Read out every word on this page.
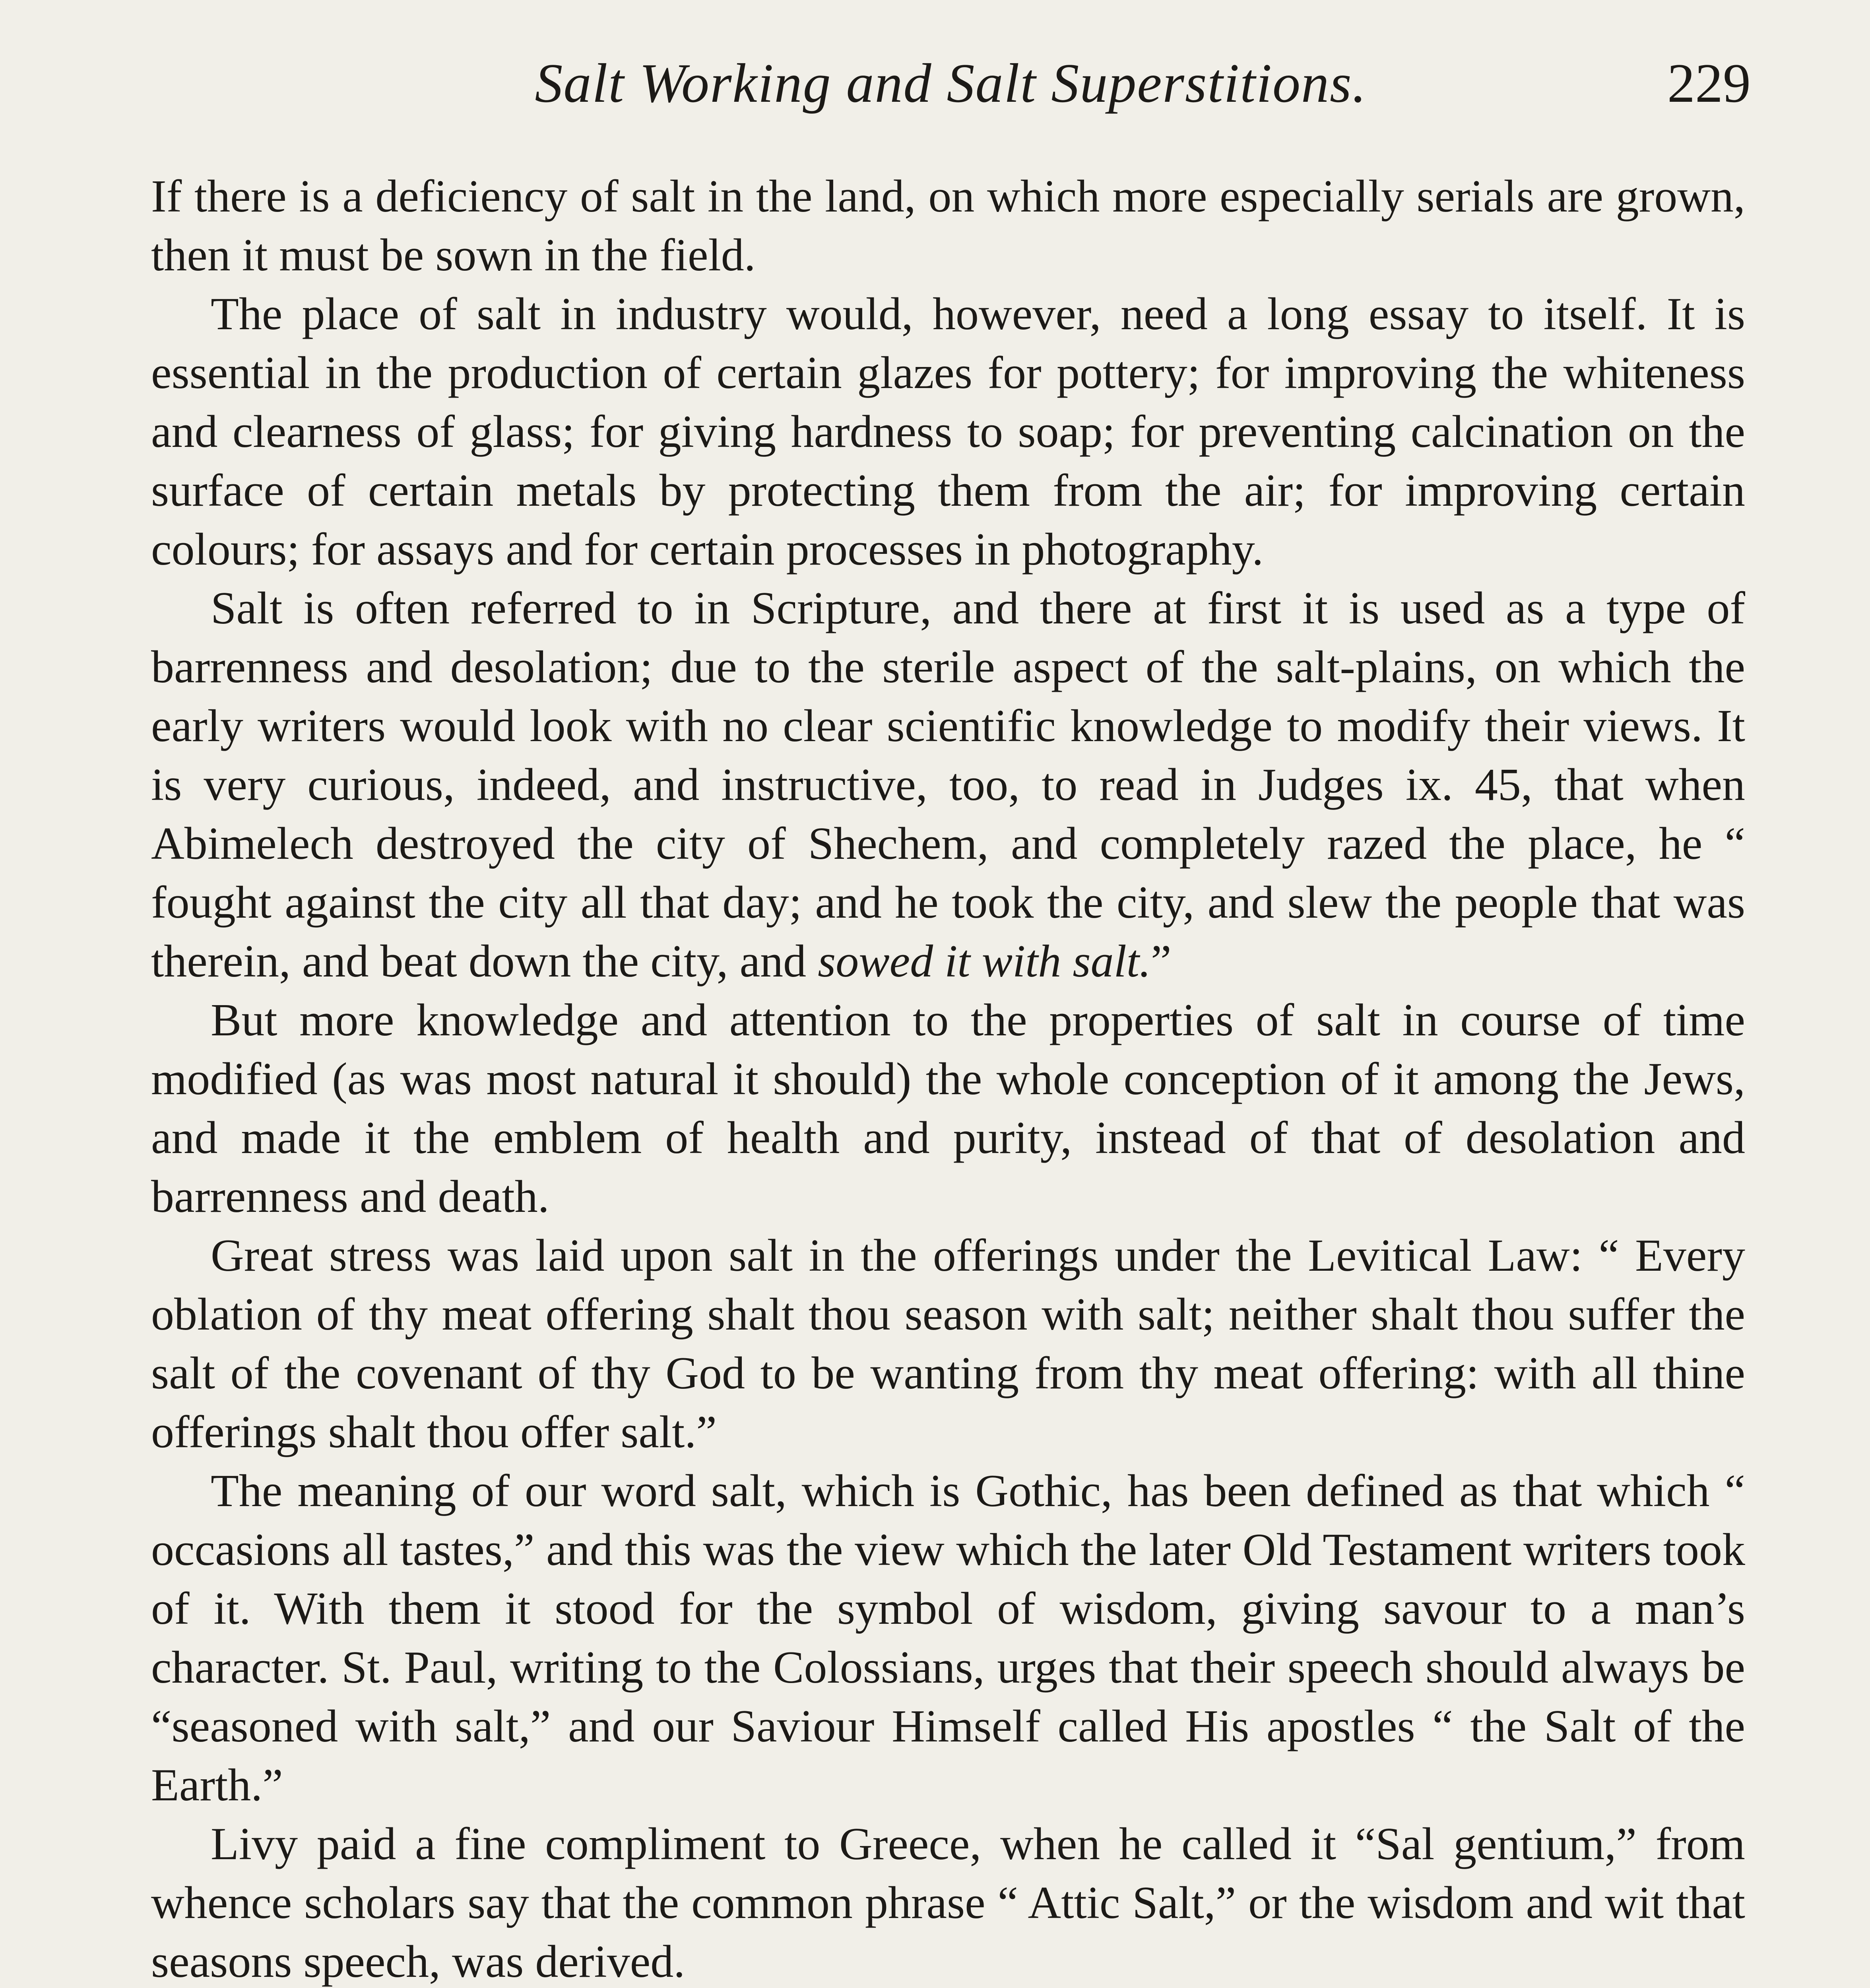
Salt Working and Salt Superstitions.	229

If there is a deficiency of salt in the land, on which more especially serials are grown, then it must be sown in the field.

The place of salt in industry would, however, need a long essay to itself. It is essential in the production of certain glazes for pottery; for improving the whiteness and clearness of glass; for giving hardness to soap; for preventing calcination on the surface of certain metals by protecting them from the air; for improving certain colours; for assays and for certain processes in photography.

Salt is often referred to in Scripture, and there at first it is used as a type of barrenness and desolation; due to the sterile aspect of the salt-plains, on which the early writers would look with no clear scientific knowledge to modify their views. It is very curious, indeed, and instructive, too, to read in Judges ix. 45, that when Abimelech destroyed the city of Shechem, and completely razed the place, he “ fought against the city all that day; and he took the city, and slew the people that was therein, and beat down the city, and sowed it with salt.”

But more knowledge and attention to the properties of salt in course of time modified (as was most natural it should) the whole conception of it among the Jews, and made it the emblem of health and purity, instead of that of desolation and barrenness and death.

Great stress was laid upon salt in the offerings under the Levitical Law: “ Every oblation of thy meat offering shalt thou season with salt; neither shalt thou suffer the salt of the covenant of thy God to be wanting from thy meat offering: with all thine offerings shalt thou offer salt.”

The meaning of our word salt, which is Gothic, has been defined as that which “ occasions all tastes,” and this was the view which the later Old Testament writers took of it. With them it stood for the symbol of wisdom, giving savour to a man’s character. St. Paul, writing to the Colossians, urges that their speech should always be “seasoned with salt,” and our Saviour Himself called His apostles “ the Salt of the Earth.”

Livy paid a fine compliment to Greece, when he called it “Sal gentium,” from whence scholars say that the common phrase “ Attic Salt,” or the wisdom and wit that seasons speech, was derived.
